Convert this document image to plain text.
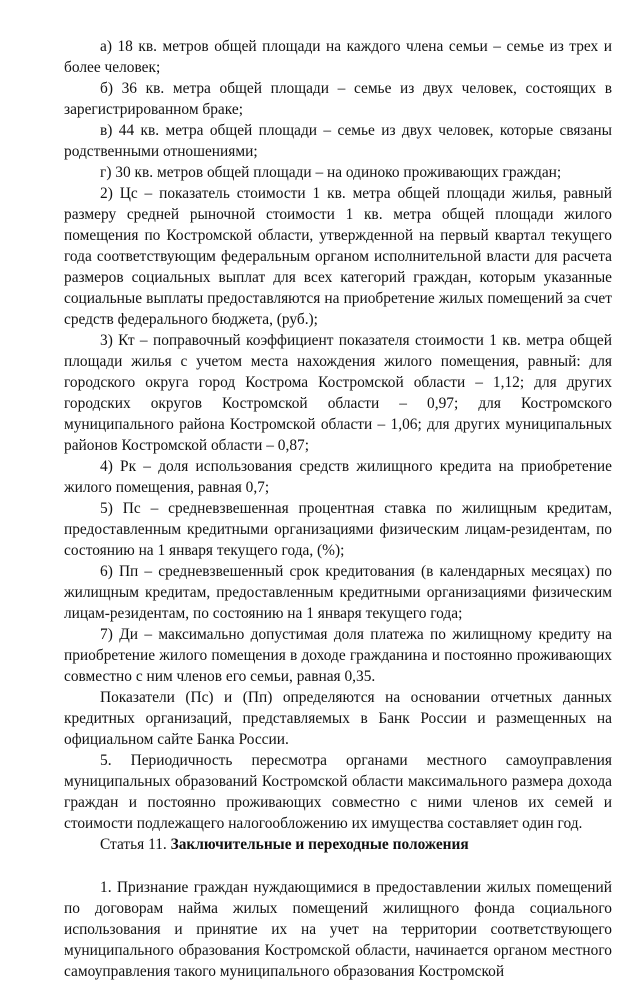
а) 18 кв. метров общей площади на каждого члена семьи – семье из трех и более человек;

б) 36 кв. метра общей площади – семье из двух человек, состоящих в зарегистрированном браке;

в) 44 кв. метра общей площади – семье из двух человек, которые связаны родственными отношениями;

г) 30 кв. метров общей площади – на одиноко проживающих граждан;

2) Цс – показатель стоимости 1 кв. метра общей площади жилья, равный размеру средней рыночной стоимости 1 кв. метра общей площади жилого помещения по Костромской области, утвержденной на первый квартал текущего года соответствующим федеральным органом исполнительной власти для расчета размеров социальных выплат для всех категорий граждан, которым указанные социальные выплаты предоставляются на приобретение жилых помещений за счет средств федерального бюджета, (руб.);

3) Кт – поправочный коэффициент показателя стоимости 1 кв. метра общей площади жилья с учетом места нахождения жилого помещения, равный: для городского округа город Кострома Костромской области – 1,12; для других городских округов Костромской области – 0,97; для Костромского муниципального района Костромской области – 1,06; для других муниципальных районов Костромской области – 0,87;

4) Рк – доля использования средств жилищного кредита на приобретение жилого помещения, равная 0,7;

5) Пс – средневзвешенная процентная ставка по жилищным кредитам, предоставленным кредитными организациями физическим лицам-резидентам, по состоянию на 1 января текущего года, (%);

6) Пп – средневзвешенный срок кредитования (в календарных месяцах) по жилищным кредитам, предоставленным кредитными организациями физическим лицам-резидентам, по состоянию на 1 января текущего года;

7) Ди – максимально допустимая доля платежа по жилищному кредиту на приобретение жилого помещения в доходе гражданина и постоянно проживающих совместно с ним членов его семьи, равная 0,35.

Показатели (Пс) и (Пп) определяются на основании отчетных данных кредитных организаций, представляемых в Банк России и размещенных на официальном сайте Банка России.

5. Периодичность пересмотра органами местного самоуправления муниципальных образований Костромской области максимального размера дохода граждан и постоянно проживающих совместно с ними членов их семей и стоимости подлежащего налогообложению их имущества составляет один год.

Статья 11. Заключительные и переходные положения

1. Признание граждан нуждающимися в предоставлении жилых помещений по договорам найма жилых помещений жилищного фонда социального использования и принятие их на учет на территории соответствующего муниципального образования Костромской области, начинается органом местного самоуправления такого муниципального образования Костромской
